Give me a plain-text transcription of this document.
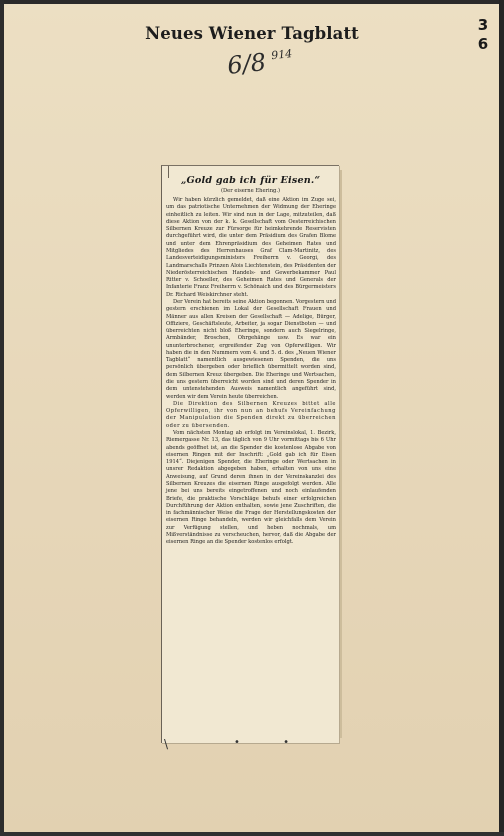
Neues Wiener Tagblatt	3
6
6/8 $^{914}$
„Gold gab ich für Eisen.“
(Der eiserne Ehering.)

Wir haben kürzlich gemeldet, daß eine Aktion im Zuge sei, um das patriotische Unternehmen der Widmung der Eheringe einheitlich zu leiten. Wir sind nun in der Lage, mitzuteilen, daß diese Aktion von der k. k. Gesellschaft vom Oesterreichischen Silbernen Kreuze zur Fürsorge für heimkehrende Reservisten durchgeführt wird, die unter dem Präsidium des Grafen Blome und unter dem Ehrenpräsidium des Geheimen Rates und Mitgliedes des Herrenhauses Graf Clam-Martinitz, des Landesverteidigungsministers Freiherrn v. Georgi, des Landmarschalls Prinzen Alois Liechtenstein, des Präsidenten der Niederösterreichischen Handels- und Gewerbekammer Paul Ritter v. Schoeller, des Geheimen Rates und Generals der Infanterie Franz Freiherrn v. Schönaich und des Bürgermeisters Dr. Richard Weiskirchner steht.

Der Verein hat bereits seine Aktion begonnen. Vorgestern und gestern erschienen im Lokal der Gesellschaft Frauen und Männer aus allen Kreisen der Gesellschaft — Adelige, Bürger, Offiziere, Geschäftsleute, Arbeiter, ja sogar Dienstboten — und überreichten nicht bloß Eheringe, sondern auch Siegelringe, Armbänder, Broschen, Ohrgehänge usw. Es war ein ununterbrochener, ergreifender Zug von Opferwilligen. Wir haben die in den Nummern vom 4. und 5. d. des „Neuen Wiener Tagblatt“ namentlich ausgewiesenen Spenden, die uns persönlich übergeben oder brieflich übermittelt worden sind, dem Silbernen Kreuz übergeben. Die Eheringe und Wertsachen, die uns gestern überreicht worden sind und deren Spender in dem untenstehenden Ausweis namentlich angeführt sind, werden wir dem Verein heute überreichen.

Die Direktion des Silbernen Kreuzes bittet alle Opferwilligen, ihr von nun an behufs Vereinfachung der Manipulation die Spenden direkt zu überreichen oder zu übersenden.

Vom nächsten Montag ab erfolgt im Vereinslokal, 1. Bezirk, Riemergasse Nr. 13, das täglich von 9 Uhr vormittags bis 6 Uhr abends geöffnet ist, an die Spender die kostenlose Abgabe von eisernen Ringen mit der Inschrift: „Gold gab ich für Eisen 1914“. Diejenigen Spender, die Eheringe oder Wertsachen in unsrer Redaktion abgegeben haben, erhalten von uns eine Anweisung, auf Grund deren ihnen in der Vereinskanzlei des Silbernen Kreuzes die eisernen Ringe ausgefolgt werden. Alle jene bei uns bereits eingetroffenen und noch einlaufenden Briefe, die praktische Vorschläge behufs einer erfolgreichen Durchführung der Aktion enthalten, sowie jene Zuschriften, die in fachmännischer Weise die Frage der Herstellungskosten der eisernen Ringe behandeln, werden wir gleichfalls dem Verein zur Verfügung stellen, und heben nochmals, um Mißverständnisse zu verscheuchen, hervor, daß die Abgabe der eisernen Ringe an die Spender kostenlos erfolgt.

\	• •
